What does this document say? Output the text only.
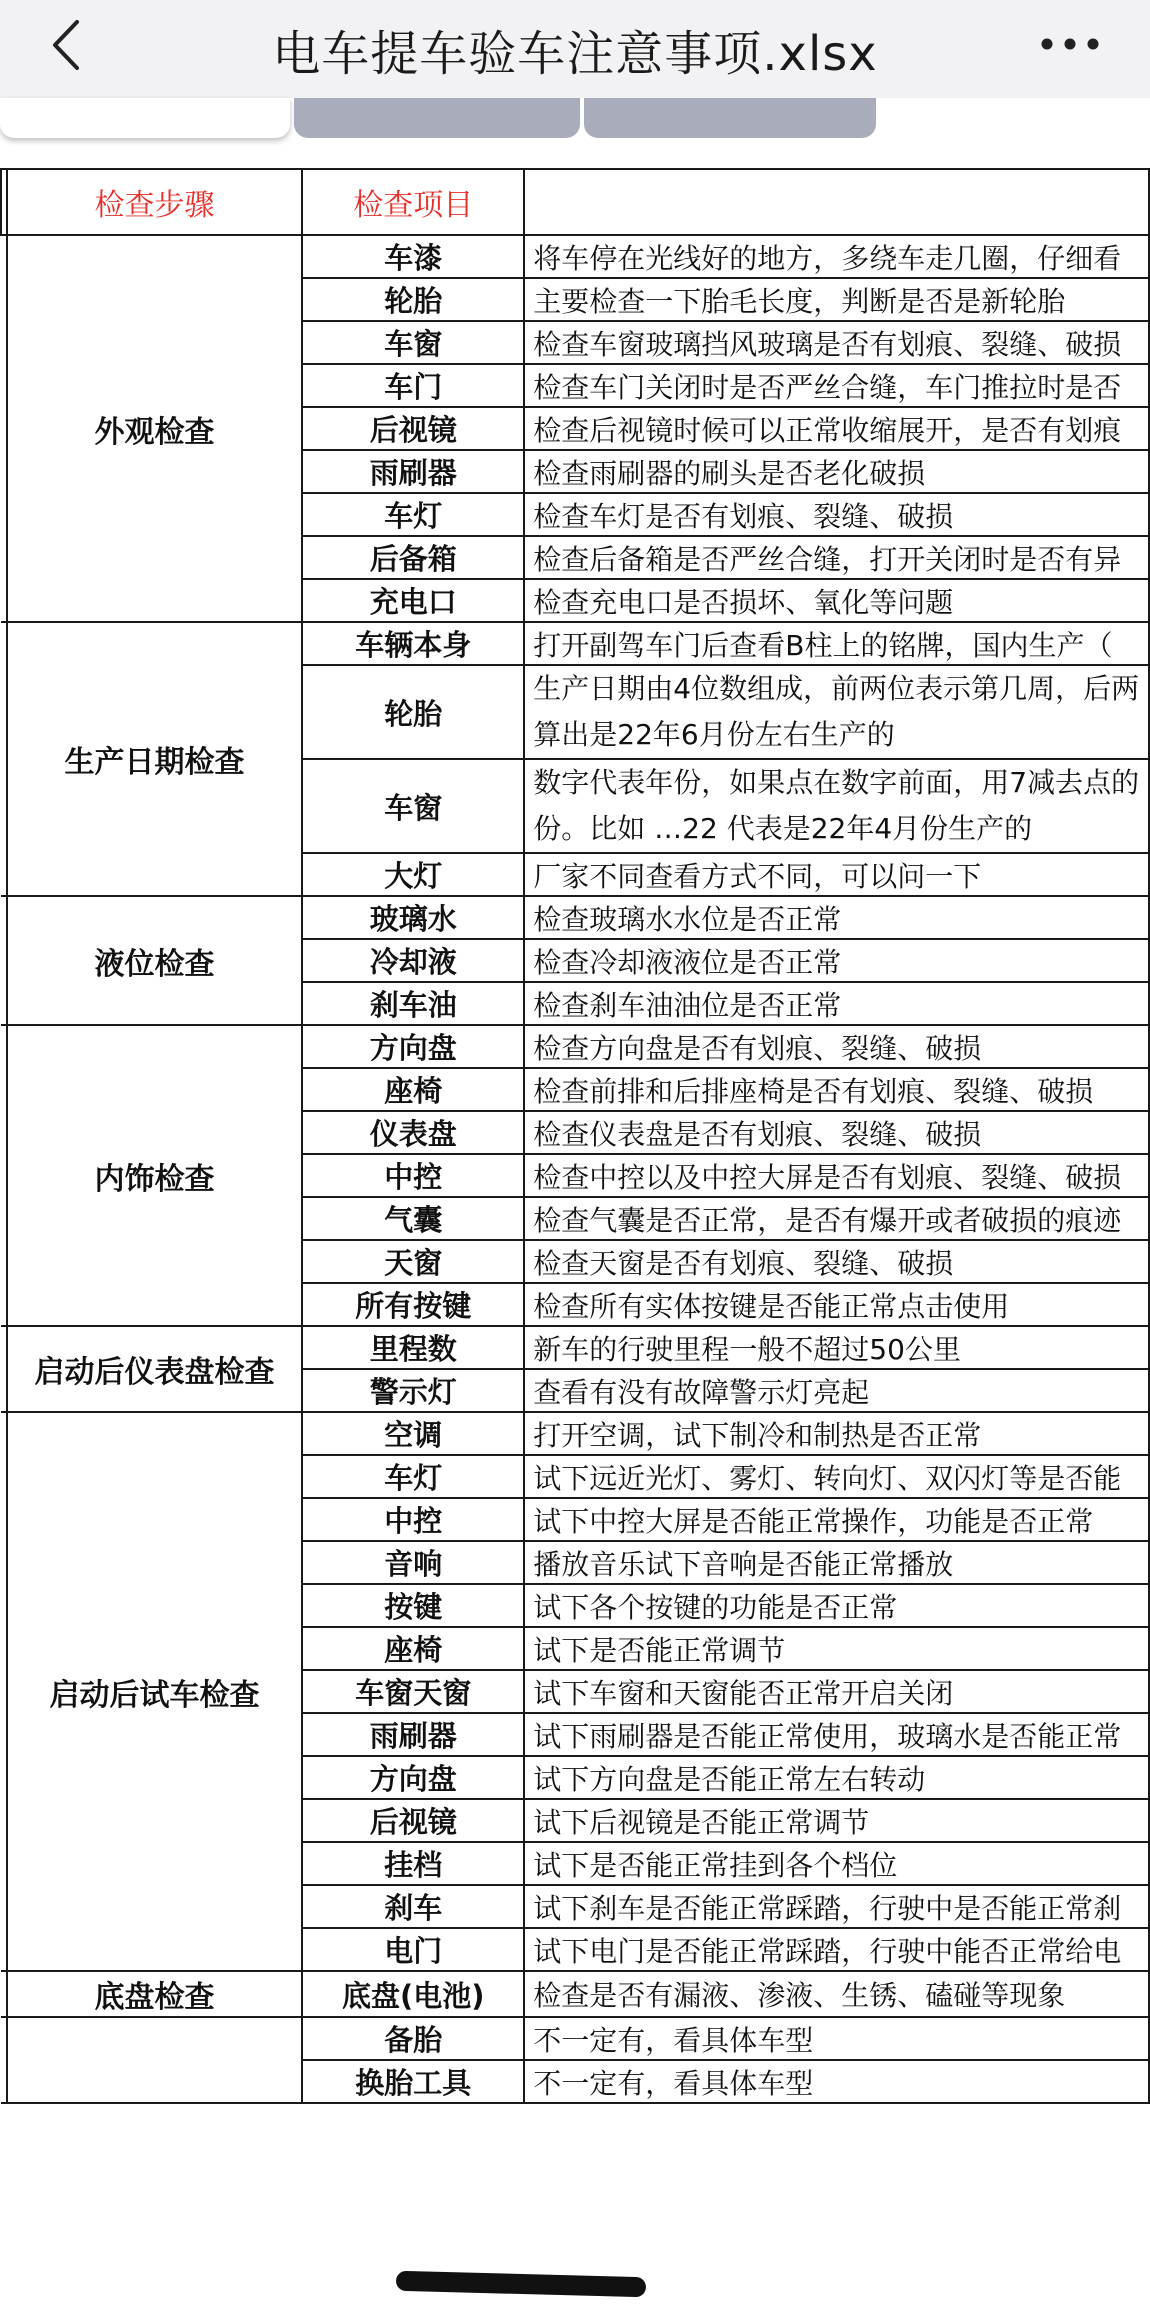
电车提车验车注意事项.xlsx
	检查步骤	检查项目	
	外观检查	车漆	将车停在光线好的地方，多绕车走几圈，仔细看
		轮胎	主要检查一下胎毛长度，判断是否是新轮胎
		车窗	检查车窗玻璃挡风玻璃是否有划痕、裂缝、破损
		车门	检查车门关闭时是否严丝合缝，车门推拉时是否
		后视镜	检查后视镜时候可以正常收缩展开，是否有划痕
		雨刷器	检查雨刷器的刷头是否老化破损
		车灯	检查车灯是否有划痕、裂缝、破损
		后备箱	检查后备箱是否严丝合缝，打开关闭时是否有异
		充电口	检查充电口是否损坏、氧化等问题
	生产日期检查	车辆本身	打开副驾车门后查看B柱上的铭牌，国内生产（
		轮胎	生产日期由4位数组成，前两位表示第几周，后两 算出是22年6月份左右生产的
		车窗	数字代表年份，如果点在数字前面，用7减去点的 份。比如 …22 代表是22年4月份生产的
		大灯	厂家不同查看方式不同，可以问一下
	液位检查	玻璃水	检查玻璃水水位是否正常
		冷却液	检查冷却液液位是否正常
		刹车油	检查刹车油油位是否正常
	内饰检查	方向盘	检查方向盘是否有划痕、裂缝、破损
		座椅	检查前排和后排座椅是否有划痕、裂缝、破损
		仪表盘	检查仪表盘是否有划痕、裂缝、破损
		中控	检查中控以及中控大屏是否有划痕、裂缝、破损
		气囊	检查气囊是否正常，是否有爆开或者破损的痕迹
		天窗	检查天窗是否有划痕、裂缝、破损
		所有按键	检查所有实体按键是否能正常点击使用
	启动后仪表盘检查	里程数	新车的行驶里程一般不超过50公里
		警示灯	查看有没有故障警示灯亮起
	启动后试车检查	空调	打开空调，试下制冷和制热是否正常
		车灯	试下远近光灯、雾灯、转向灯、双闪灯等是否能
		中控	试下中控大屏是否能正常操作，功能是否正常
		音响	播放音乐试下音响是否能正常播放
		按键	试下各个按键的功能是否正常
		座椅	试下是否能正常调节
		车窗天窗	试下车窗和天窗能否正常开启关闭
		雨刷器	试下雨刷器是否能正常使用，玻璃水是否能正常
		方向盘	试下方向盘是否能正常左右转动
		后视镜	试下后视镜是否能正常调节
		挂档	试下是否能正常挂到各个档位
		刹车	试下刹车是否能正常踩踏，行驶中是否能正常刹
		电门	试下电门是否能正常踩踏，行驶中能否正常给电
	底盘检查	底盘(电池)	检查是否有漏液、渗液、生锈、磕碰等现象
		备胎	不一定有，看具体车型
		换胎工具	不一定有，看具体车型
